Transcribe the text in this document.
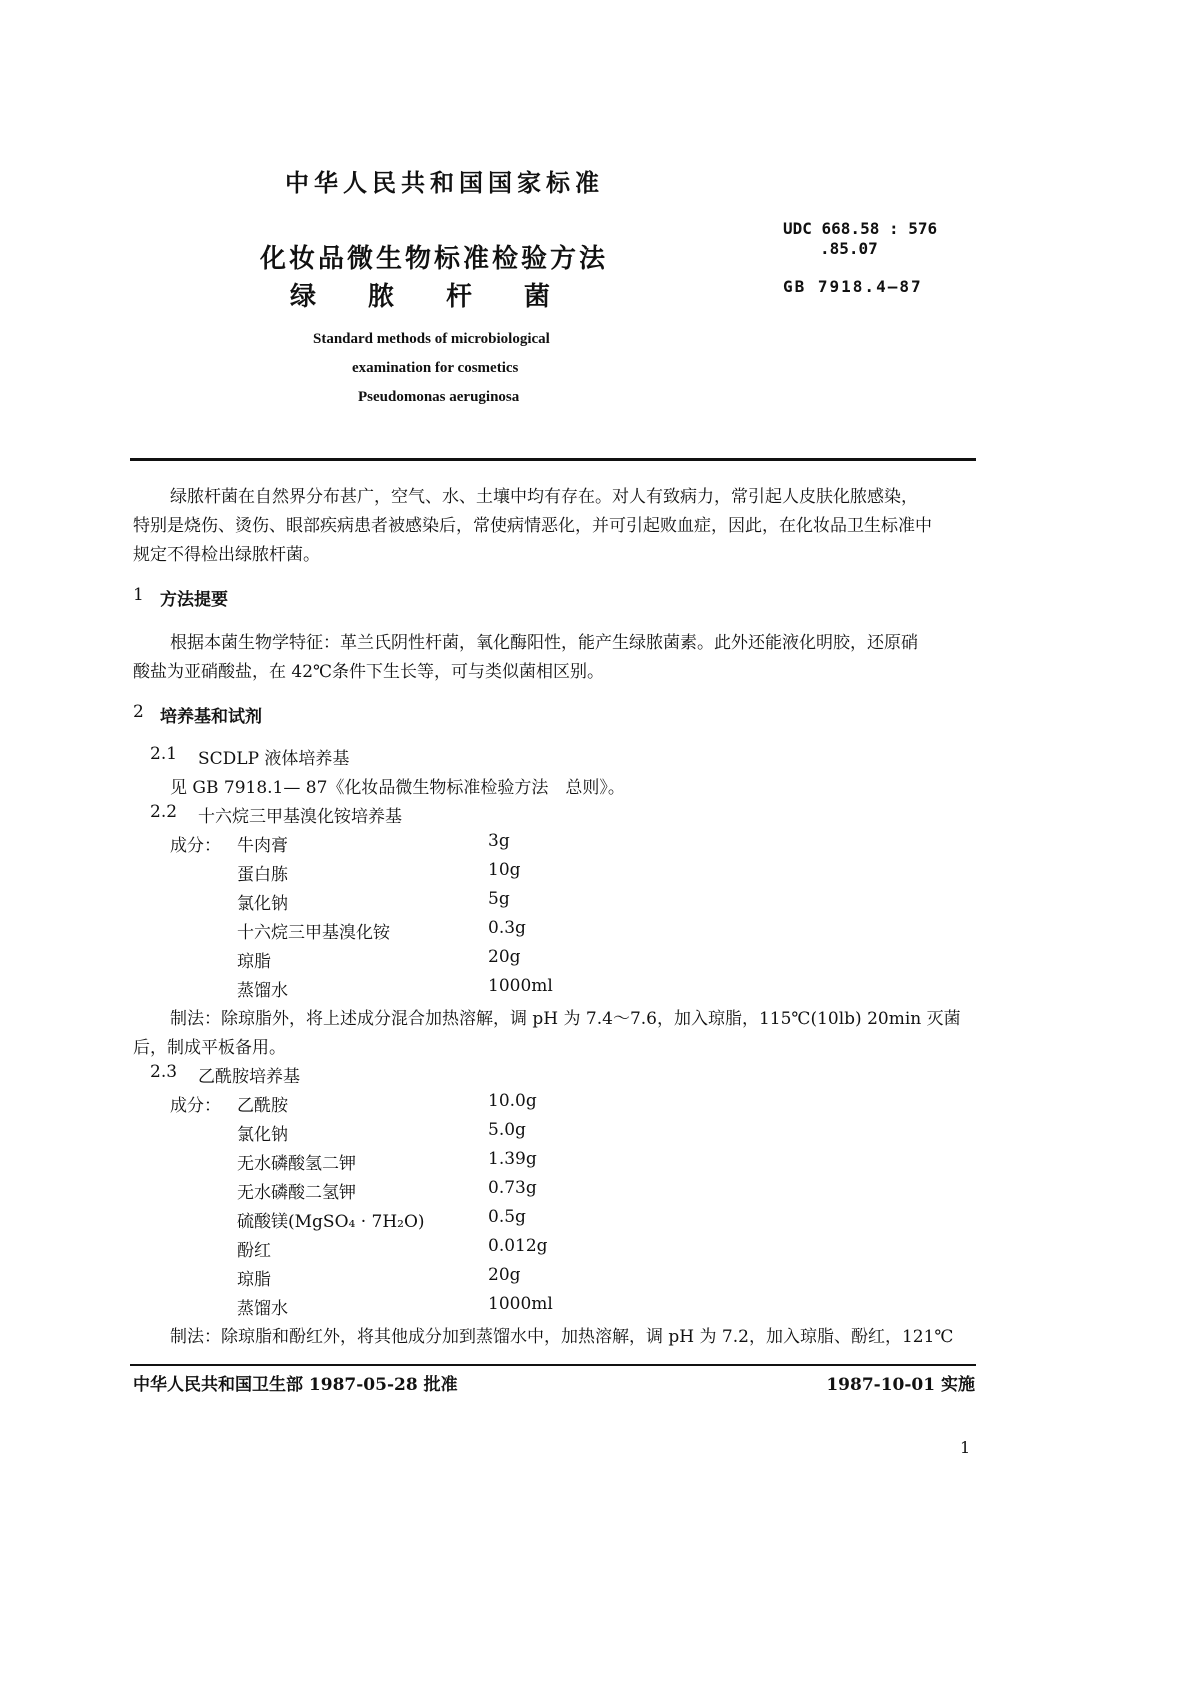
中华人民共和国国家标准
UDC 668.58 : 576
.85.07
GB 7918.4—87
化妆品微生物标准检验方法
绿　　脓　　杆　　菌
Standard methods of microbiological
examination for cosmetics
Pseudomonas aeruginosa
绿脓杆菌在自然界分布甚广，空气、水、土壤中均有存在。对人有致病力，常引起人皮肤化脓感染，
特别是烧伤、烫伤、眼部疾病患者被感染后，常使病情恶化，并可引起败血症，因此，在化妆品卫生标准中
规定不得检出绿脓杆菌。
1 方法提要
根据本菌生物学特征：革兰氏阴性杆菌，氧化酶阳性，能产生绿脓菌素。此外还能液化明胶，还原硝
酸盐为亚硝酸盐，在 42℃条件下生长等，可与类似菌相区别。
2 培养基和试剂
2.1 SCDLP 液体培养基
见 GB 7918.1— 87《化妆品微生物标准检验方法　总则》。
2.2 十六烷三甲基溴化铵培养基
成分： 牛肉膏	3g
蛋白胨	10g
氯化钠	5g
十六烷三甲基溴化铵	0.3g
琼脂	20g
蒸馏水	1000ml
制法：除琼脂外，将上述成分混合加热溶解，调 pH 为 7.4～7.6，加入琼脂，115℃(10lb) 20min 灭菌
后，制成平板备用。
2.3 乙酰胺培养基
成分： 乙酰胺	10.0g
氯化钠	5.0g
无水磷酸氢二钾	1.39g
无水磷酸二氢钾	0.73g
硫酸镁(MgSO₄ · 7H₂O)	0.5g
酚红	0.012g
琼脂	20g
蒸馏水	1000ml
制法：除琼脂和酚红外，将其他成分加到蒸馏水中，加热溶解，调 pH 为 7.2，加入琼脂、酚红，121℃
中华人民共和国卫生部 1987-05-28 批准	1987-10-01 实施
1
